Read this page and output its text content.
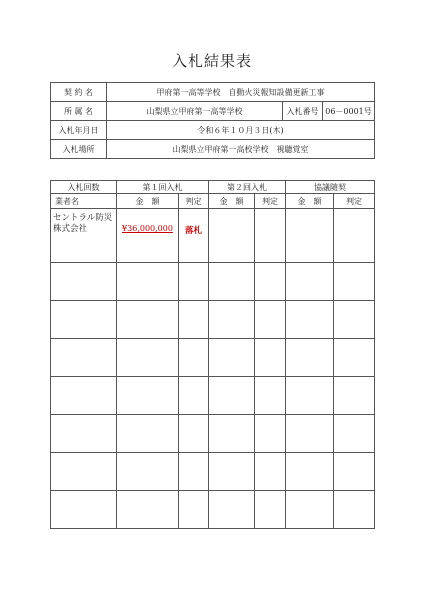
入札結果表
契 約 名	甲府第一高等学校　自動火災報知設備更新工事		
所 属 名	山梨県立甲府第一高等学校	入札番号	06－0001号
入札年月日	令和６年１０月３日(木)		
入札場所	山梨県立甲府第一高校学校　視聴覚室		
入札回数	第１回入札		第２回入札		協議随契	
業者名	金　額	判定	金　額	判定	金　額	判定
セントラル防災株式会社	¥36,000,000	落札				
